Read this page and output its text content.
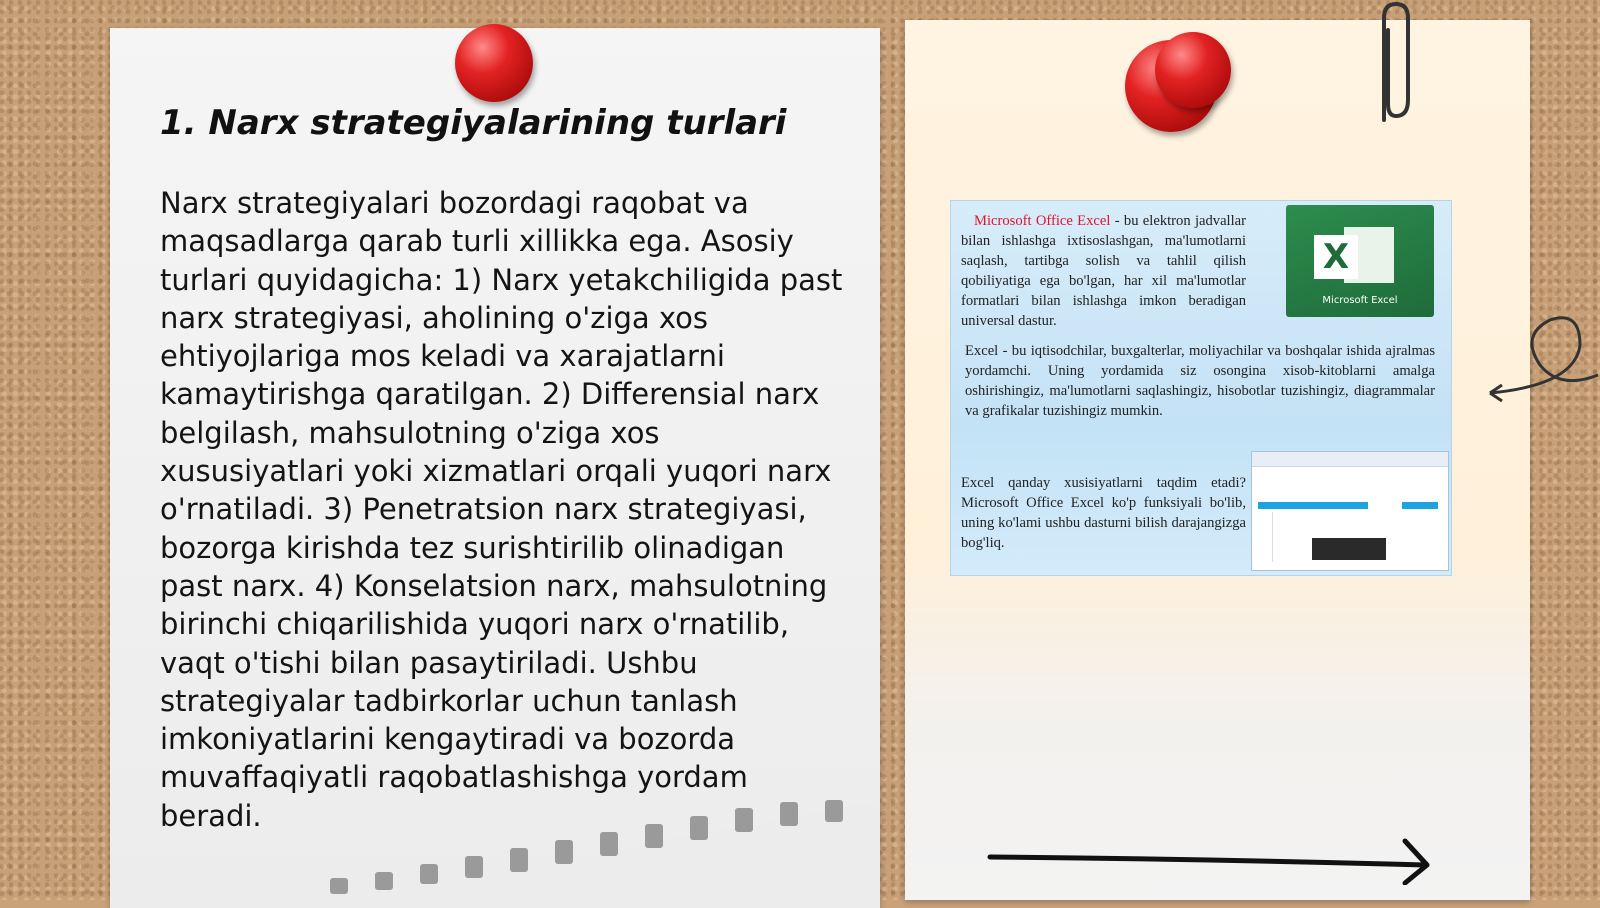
1. Narx strategiyalarining turlari

Narx strategiyalari bozordagi raqobat va maqsadlarga qarab turli xillikka ega. Asosiy turlari quyidagicha: 1) Narx yetakchiligida past narx strategiyasi, aholining o'ziga xos ehtiyojlariga mos keladi va xarajatlarni kamaytirishga qaratilgan. 2) Differensial narx belgilash, mahsulotning o'ziga xos xususiyatlari yoki xizmatlari orqali yuqori narx o'rnatiladi. 3) Penetratsion narx strategiyasi, bozorga kirishda tez surishtirilib olinadigan past narx. 4) Konselatsion narx, mahsulotning birinchi chiqarilishida yuqori narx o'rnatilib, vaqt o'tishi bilan pasaytiriladi. Ushbu strategiyalar tadbirkorlar uchun tanlash imkoniyatlarini kengaytiradi va bozorda muvaffaqiyatli raqobatlashishga yordam beradi.

Microsoft Office Excel - bu elektron jadvallar bilan ishlashga ixtisoslashgan, ma'lumotlarni saqlash, tartibga solish va tahlil qilish qobiliyatiga ega bo'lgan, har xil ma'lumotlar formatlari bilan ishlashga imkon beradigan universal dastur.

X
Microsoft Excel

Excel - bu iqtisodchilar, buxgalterlar, moliyachilar va boshqalar ishida ajralmas yordamchi. Uning yordamida siz osongina xisob-kitoblarni amalga oshirishingiz, ma'lumotlarni saqlashingiz, hisobotlar tuzishingiz, diagrammalar va grafikalar tuzishingiz mumkin.

Excel qanday xusisiyatlarni taqdim etadi? Microsoft Office Excel ko'p funksiyali bo'lib, uning ko'lami ushbu dasturni bilish darajangizga bog'liq.
